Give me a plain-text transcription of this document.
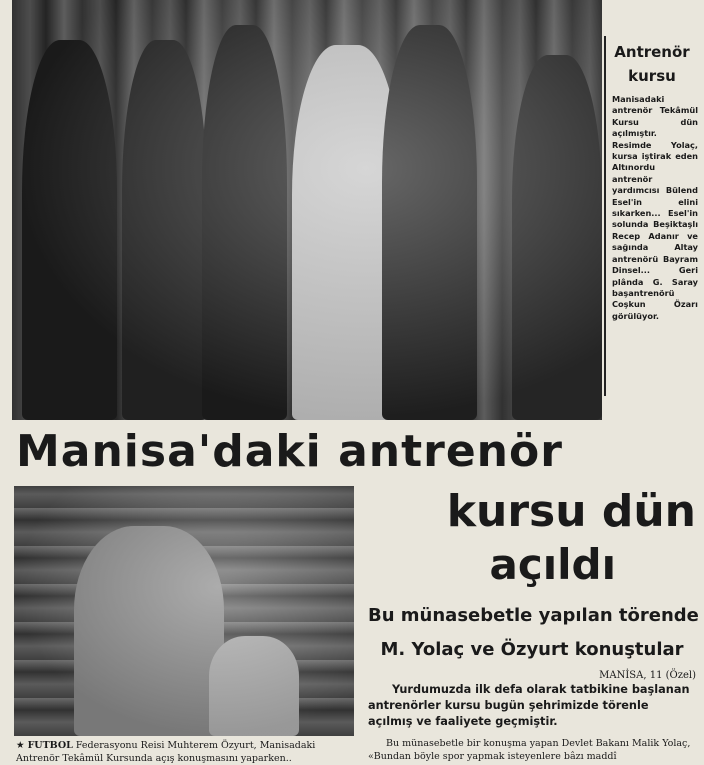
Antrenör
kursu
Manisadaki antrenör Tekâmül Kursu dün açılmıştır. Resimde Yolaç, kursa iştirak eden Altınordu antrenör yardımcısı Bülend Esel'in elini sıkarken... Esel'in solunda Beşiktaşlı Recep Adanır ve sağında Altay antrenörü Bayram Dinsel... Geri plânda G. Saray başantrenörü Coşkun Özarı görülüyor.
Manisa'daki antrenör
kursu dün
açıldı
Bu münasebetle yapılan törende
M. Yolaç ve Özyurt konuştular
MANİSA, 11 (Özel)
Yurdumuzda ilk defa olarak tatbikine başlanan antrenörler kursu bugün şehrimizde törenle açılmış ve faaliyete geçmiştir.
Bu münasebetle bir konuşma yapan Devlet Bakanı Malik Yolaç, «Bundan böyle spor yapmak isteyenlere bâzı maddî
★ FUTBOL Federasyonu Reisi Muhterem Özyurt, Manisadaki Antrenör Tekâmül Kursunda açış konuşmasını yaparken..
